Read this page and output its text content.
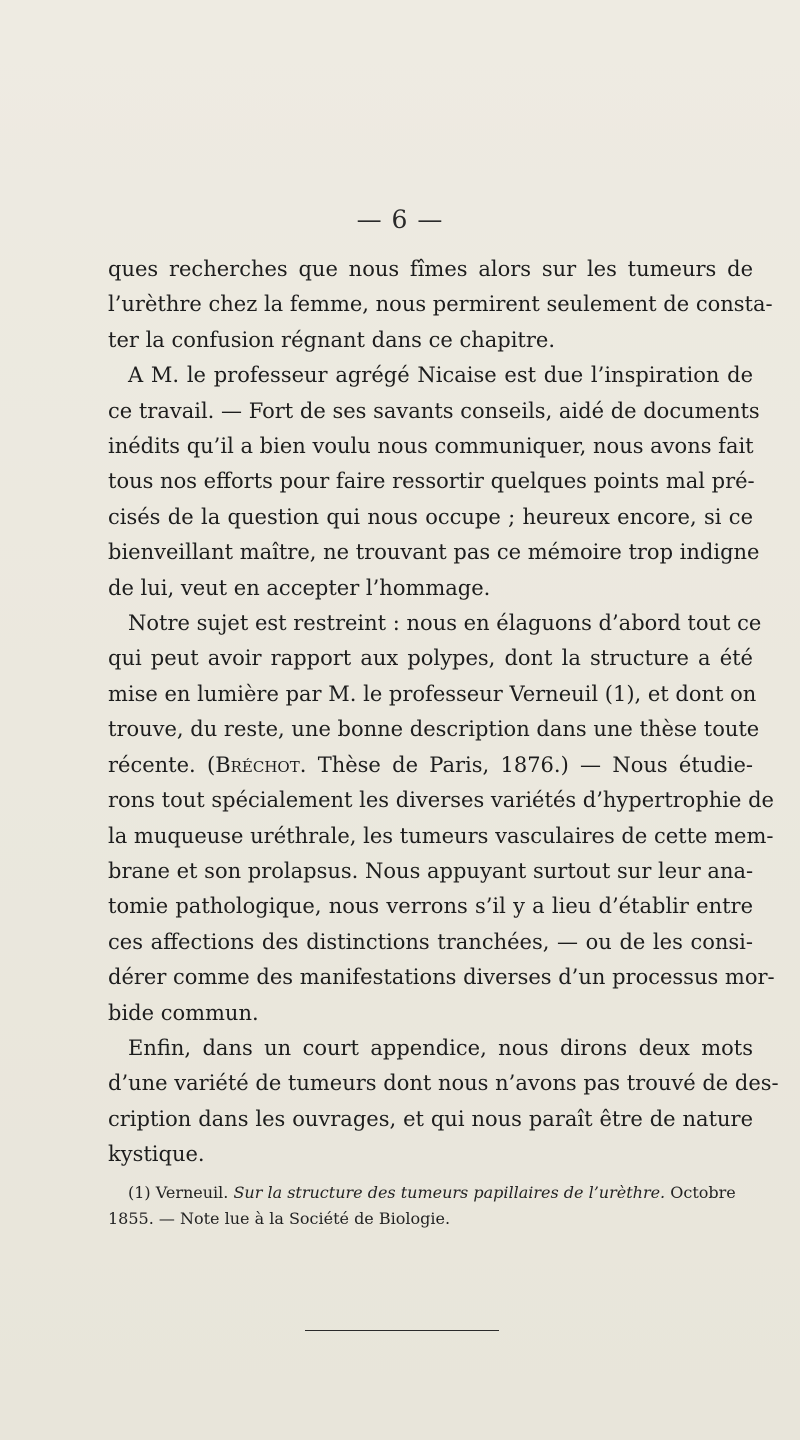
— 6 —
ques recherches que nous fîmes alors sur les tumeurs de
l’urèthre chez la femme, nous permirent seulement de consta-
ter la confusion régnant dans ce chapitre.
A M. le professeur agrégé Nicaise est due l’inspiration de
ce travail. — Fort de ses savants conseils, aidé de documents
inédits qu’il a bien voulu nous communiquer, nous avons fait
tous nos efforts pour faire ressortir quelques points mal pré-
cisés de la question qui nous occupe ; heureux encore, si ce
bienveillant maître, ne trouvant pas ce mémoire trop indigne
de lui, veut en accepter l’hommage.
Notre sujet est restreint : nous en élaguons d’abord tout ce
qui peut avoir rapport aux polypes, dont la structure a été
mise en lumière par M. le professeur Verneuil (1), et dont on
trouve, du reste, une bonne description dans une thèse toute
récente. (Bréchot. Thèse de Paris, 1876.) — Nous étudie-
rons tout spécialement les diverses variétés d’hypertrophie de
la muqueuse uréthrale, les tumeurs vasculaires de cette mem-
brane et son prolapsus. Nous appuyant surtout sur leur ana-
tomie pathologique, nous verrons s’il y a lieu d’établir entre
ces affections des distinctions tranchées, — ou de les consi-
dérer comme des manifestations diverses d’un processus mor-
bide commun.
Enfin, dans un court appendice, nous dirons deux mots
d’une variété de tumeurs dont nous n’avons pas trouvé de des-
cription dans les ouvrages, et qui nous paraît être de nature
kystique.
(1) Verneuil. Sur la structure des tumeurs papillaires de l’urèthre. Octobre
1855. — Note lue à la Société de Biologie.
